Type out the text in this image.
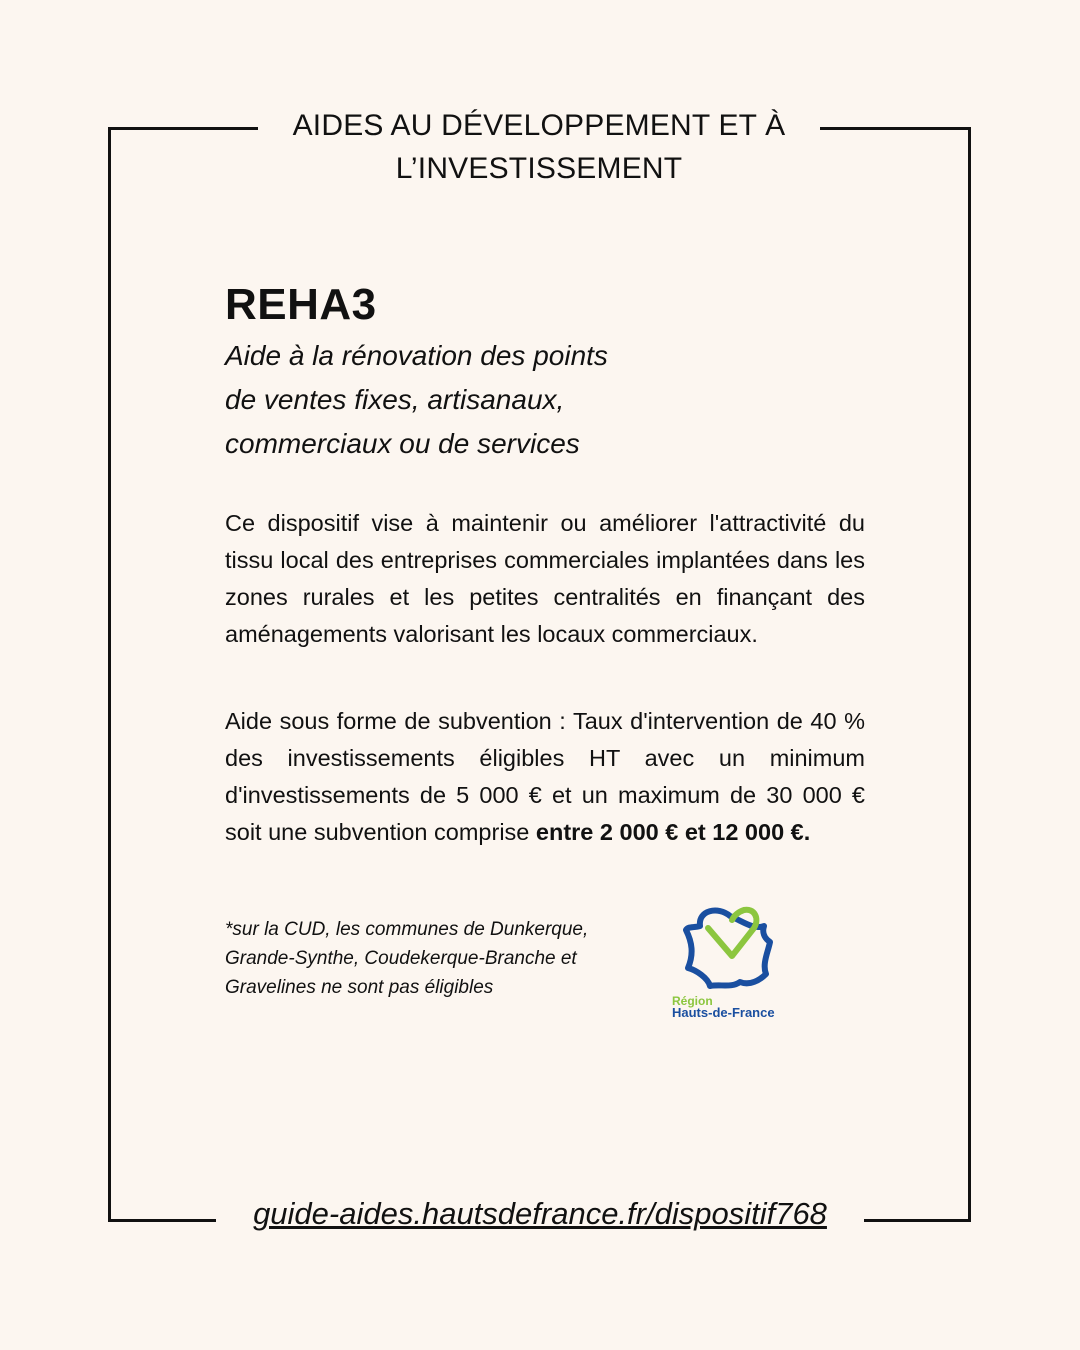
AIDES AU DÉVELOPPEMENT ET À
L’INVESTISSEMENT
REHA3
Aide à la rénovation des points
de ventes fixes, artisanaux,
commerciaux ou de services
Ce dispositif vise à maintenir ou améliorer l'attractivité du tissu local des entreprises commerciales implantées dans les zones rurales et les petites centralités en finançant des aménagements valorisant les locaux commerciaux.
Aide sous forme de subvention : Taux d'intervention de 40 % des investissements éligibles HT avec un minimum d'investissements de 5 000 € et un maximum de 30 000 € soit une subvention comprise entre 2 000 € et 12 000 €.
*sur la CUD, les communes de Dunkerque,
Grande-Synthe, Coudekerque-Branche et
Gravelines ne sont pas éligibles
Région
Hauts-de-France
guide-aides.hautsdefrance.fr/dispositif768
